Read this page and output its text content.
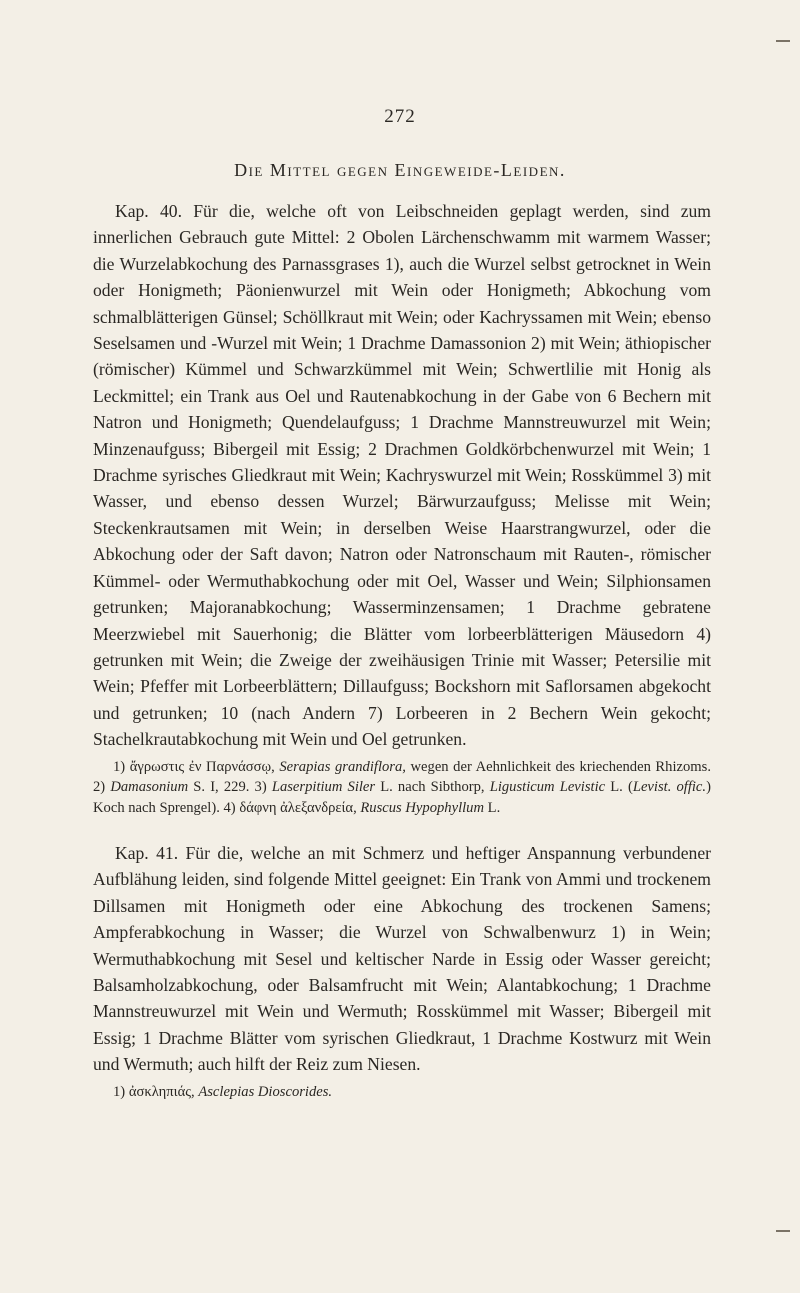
272
Die Mittel gegen Eingeweide-Leiden.

Kap. 40. Für die, welche oft von Leibschneiden geplagt werden, sind zum innerlichen Gebrauch gute Mittel: 2 Obolen Lärchenschwamm mit warmem Wasser; die Wurzelabkochung des Parnassgrases 1), auch die Wurzel selbst getrocknet in Wein oder Honigmeth; Päonienwurzel mit Wein oder Honigmeth; Abkochung vom schmalblätterigen Günsel; Schöllkraut mit Wein; oder Kachryssamen mit Wein; ebenso Seselsamen und -Wurzel mit Wein; 1 Drachme Damassonion 2) mit Wein; äthiopischer (römischer) Kümmel und Schwarzkümmel mit Wein; Schwertlilie mit Honig als Leckmittel; ein Trank aus Oel und Rautenabkochung in der Gabe von 6 Bechern mit Natron und Honigmeth; Quendelaufguss; 1 Drachme Mannstreuwurzel mit Wein; Minzenaufguss; Bibergeil mit Essig; 2 Drachmen Goldkörbchenwurzel mit Wein; 1 Drachme syrisches Gliedkraut mit Wein; Kachryswurzel mit Wein; Rosskümmel 3) mit Wasser, und ebenso dessen Wurzel; Bärwurzaufguss; Melisse mit Wein; Steckenkrautsamen mit Wein; in derselben Weise Haarstrangwurzel, oder die Abkochung oder der Saft davon; Natron oder Natronschaum mit Rauten-, römischer Kümmel- oder Wermuthabkochung oder mit Oel, Wasser und Wein; Silphionsamen getrunken; Majoranabkochung; Wasserminzensamen; 1 Drachme gebratene Meerzwiebel mit Sauerhonig; die Blätter vom lorbeerblätterigen Mäusedorn 4) getrunken mit Wein; die Zweige der zweihäusigen Trinie mit Wasser; Petersilie mit Wein; Pfeffer mit Lorbeerblättern; Dillaufguss; Bockshorn mit Saflorsamen abgekocht und getrunken; 10 (nach Andern 7) Lorbeeren in 2 Bechern Wein gekocht; Stachelkrautabkochung mit Wein und Oel getrunken.

1) ἄγρωστις ἐν Παρνάσσῳ, Serapias grandiflora, wegen der Aehnlichkeit des kriechenden Rhizoms. 2) Damasonium S. I, 229. 3) Laserpitium Siler L. nach Sibthorp, Ligusticum Levistic L. (Levist. offic.) Koch nach Sprengel). 4) δάφνη ἀλεξανδρεία, Ruscus Hypophyllum L.

Kap. 41. Für die, welche an mit Schmerz und heftiger Anspannung verbundener Aufblähung leiden, sind folgende Mittel geeignet: Ein Trank von Ammi und trockenem Dillsamen mit Honigmeth oder eine Abkochung des trockenen Samens; Ampferabkochung in Wasser; die Wurzel von Schwalbenwurz 1) in Wein; Wermuthabkochung mit Sesel und keltischer Narde in Essig oder Wasser gereicht; Balsamholzabkochung, oder Balsamfrucht mit Wein; Alantabkochung; 1 Drachme Mannstreuwurzel mit Wein und Wermuth; Rosskümmel mit Wasser; Bibergeil mit Essig; 1 Drachme Blätter vom syrischen Gliedkraut, 1 Drachme Kostwurz mit Wein und Wermuth; auch hilft der Reiz zum Niesen.

1) ἀσκληπιάς, Asclepias Dioscorides.
